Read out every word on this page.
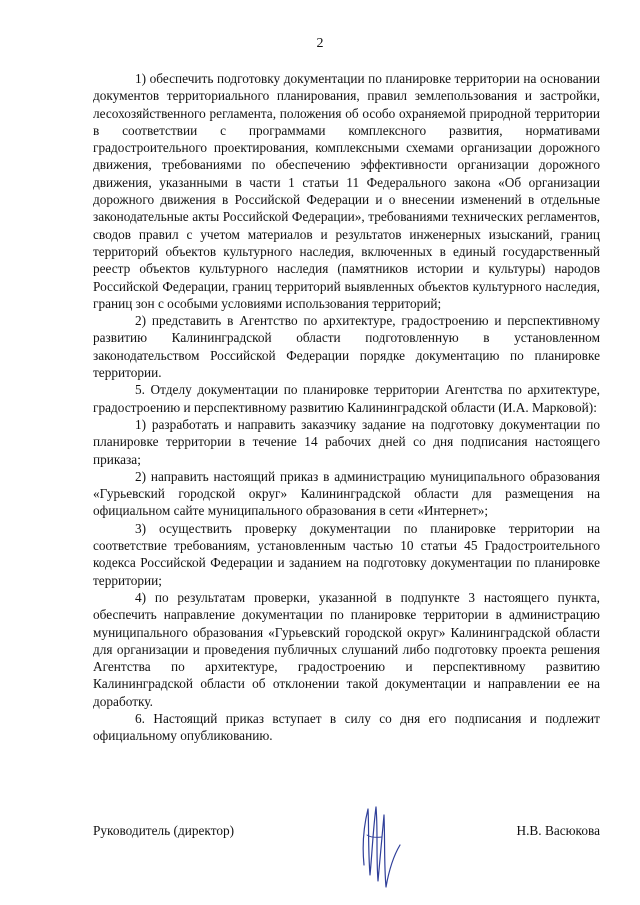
2

1) обеспечить подготовку документации по планировке территории на основании документов территориального планирования, правил землепользования и застройки, лесохозяйственного регламента, положения об особо охраняемой природной территории в соответствии с программами комплексного развития, нормативами градостроительного проектирования, комплексными схемами организации дорожного движения, требованиями по обеспечению эффективности организации дорожного движения, указанными в части 1 статьи 11 Федерального закона «Об организации дорожного движения в Российской Федерации и о внесении изменений в отдельные законодательные акты Российской Федерации», требованиями технических регламентов, сводов правил с учетом материалов и результатов инженерных изысканий, границ территорий объектов культурного наследия, включенных в единый государственный реестр объектов культурного наследия (памятников истории и культуры) народов Российской Федерации, границ территорий выявленных объектов культурного наследия, границ зон с особыми условиями использования территорий;

2) представить в Агентство по архитектуре, градостроению и перспективному развитию Калининградской области подготовленную в установленном законодательством Российской Федерации порядке документацию по планировке территории.

5. Отделу документации по планировке территории Агентства по архитектуре, градостроению и перспективному развитию Калининградской области (И.А. Марковой):

1) разработать и направить заказчику задание на подготовку документации по планировке территории в течение 14 рабочих дней со дня подписания настоящего приказа;

2) направить настоящий приказ в администрацию муниципального образования «Гурьевский городской округ» Калининградской области для размещения на официальном сайте муниципального образования в сети «Интернет»;

3) осуществить проверку документации по планировке территории на соответствие требованиям, установленным частью 10 статьи 45 Градостроительного кодекса Российской Федерации и заданием на подготовку документации по планировке территории;

4) по результатам проверки, указанной в подпункте 3 настоящего пункта, обеспечить направление документации по планировке территории в администрацию муниципального образования «Гурьевский городской округ» Калининградской области для организации и проведения публичных слушаний либо подготовку проекта решения Агентства по архитектуре, градостроению и перспективному развитию Калининградской области об отклонении такой документации и направлении ее на доработку.

6. Настоящий приказ вступает в силу со дня его подписания и подлежит официальному опубликованию.

Руководитель (директор)	Н.В. Васюкова
